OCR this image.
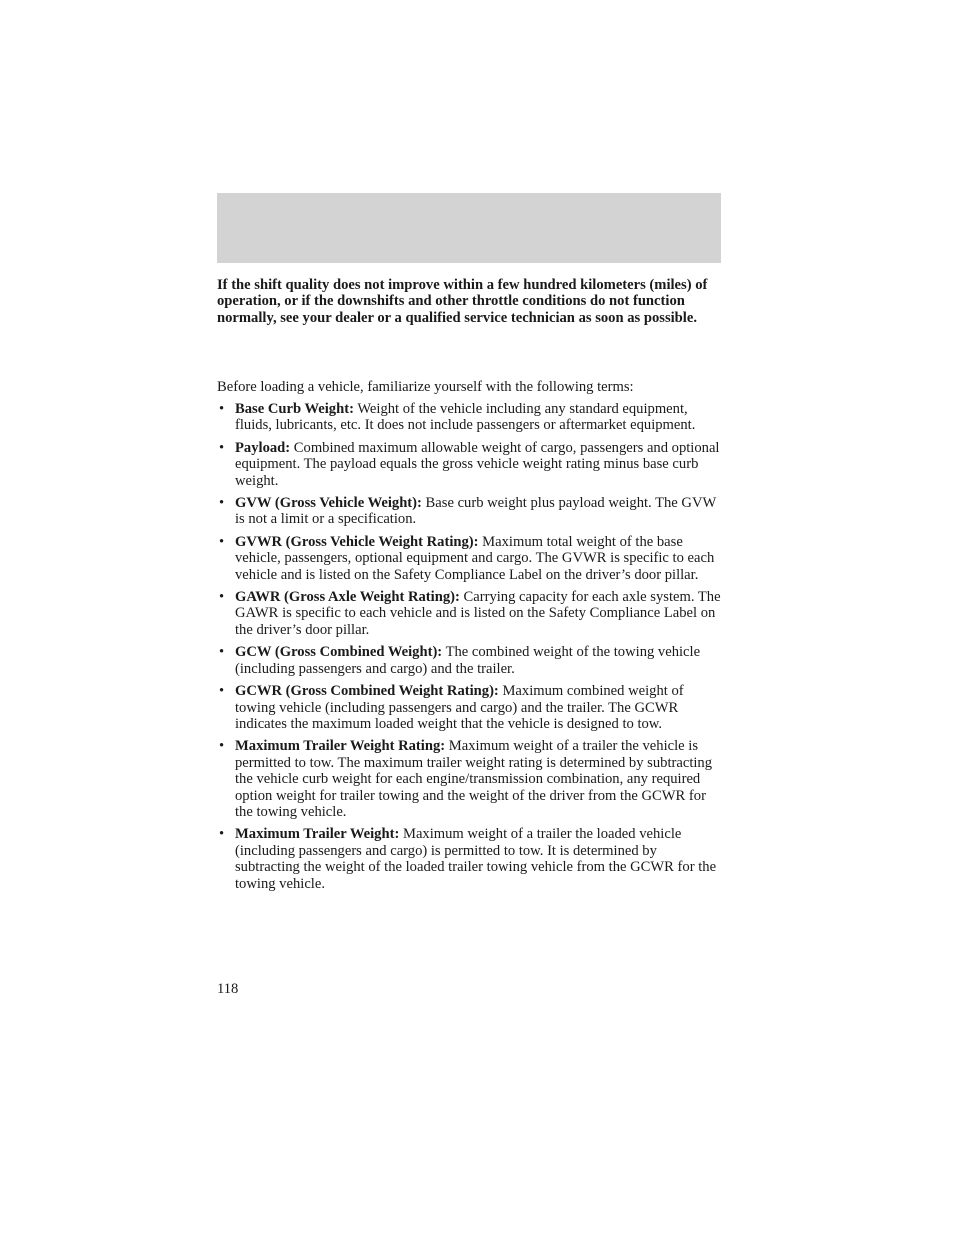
If the shift quality does not improve within a few hundred kilometers (miles) of operation, or if the downshifts and other throttle conditions do not function normally, see your dealer or a qualified service technician as soon as possible.

Before loading a vehicle, familiarize yourself with the following terms:

• Base Curb Weight: Weight of the vehicle including any standard equipment, fluids, lubricants, etc. It does not include passengers or aftermarket equipment.
• Payload: Combined maximum allowable weight of cargo, passengers and optional equipment. The payload equals the gross vehicle weight rating minus base curb weight.
• GVW (Gross Vehicle Weight): Base curb weight plus payload weight. The GVW is not a limit or a specification.
• GVWR (Gross Vehicle Weight Rating): Maximum total weight of the base vehicle, passengers, optional equipment and cargo. The GVWR is specific to each vehicle and is listed on the Safety Compliance Label on the driver’s door pillar.
• GAWR (Gross Axle Weight Rating): Carrying capacity for each axle system. The GAWR is specific to each vehicle and is listed on the Safety Compliance Label on the driver’s door pillar.
• GCW (Gross Combined Weight): The combined weight of the towing vehicle (including passengers and cargo) and the trailer.
• GCWR (Gross Combined Weight Rating): Maximum combined weight of towing vehicle (including passengers and cargo) and the trailer. The GCWR indicates the maximum loaded weight that the vehicle is designed to tow.
• Maximum Trailer Weight Rating: Maximum weight of a trailer the vehicle is permitted to tow. The maximum trailer weight rating is determined by subtracting the vehicle curb weight for each engine/transmission combination, any required option weight for trailer towing and the weight of the driver from the GCWR for the towing vehicle.
• Maximum Trailer Weight: Maximum weight of a trailer the loaded vehicle (including passengers and cargo) is permitted to tow. It is determined by subtracting the weight of the loaded trailer towing vehicle from the GCWR for the towing vehicle.

118
